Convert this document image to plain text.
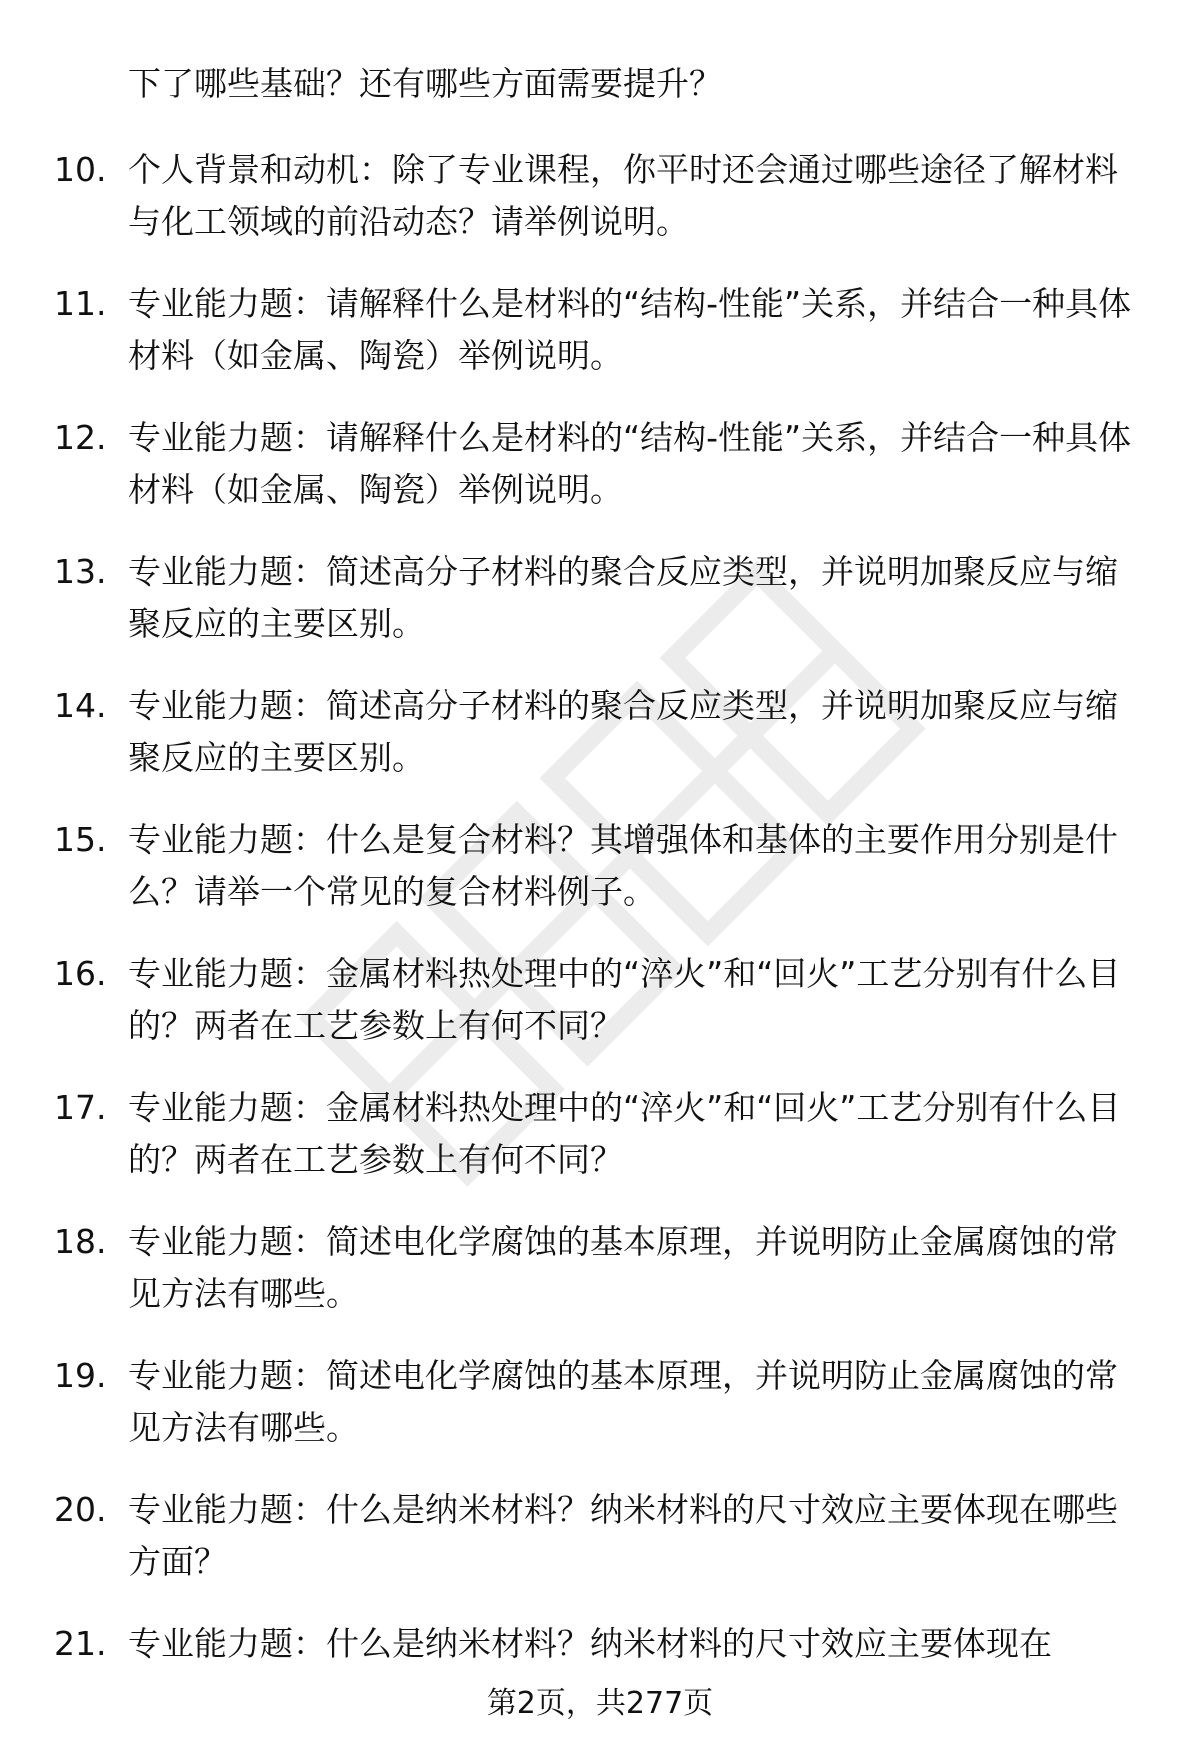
下了哪些基础？还有哪些方面需要提升？
10. 个人背景和动机：除了专业课程，你平时还会通过哪些途径了解材料与化工领域的前沿动态？请举例说明。
11. 专业能力题：请解释什么是材料的“结构-性能”关系，并结合一种具体材料（如金属、陶瓷）举例说明。
12. 专业能力题：请解释什么是材料的“结构-性能”关系，并结合一种具体材料（如金属、陶瓷）举例说明。
13. 专业能力题：简述高分子材料的聚合反应类型，并说明加聚反应与缩聚反应的主要区别。
14. 专业能力题：简述高分子材料的聚合反应类型，并说明加聚反应与缩聚反应的主要区别。
15. 专业能力题：什么是复合材料？其增强体和基体的主要作用分别是什么？请举一个常见的复合材料例子。
16. 专业能力题：金属材料热处理中的“淬火”和“回火”工艺分别有什么目的？两者在工艺参数上有何不同？
17. 专业能力题：金属材料热处理中的“淬火”和“回火”工艺分别有什么目的？两者在工艺参数上有何不同？
18. 专业能力题：简述电化学腐蚀的基本原理，并说明防止金属腐蚀的常见方法有哪些。
19. 专业能力题：简述电化学腐蚀的基本原理，并说明防止金属腐蚀的常见方法有哪些。
20. 专业能力题：什么是纳米材料？纳米材料的尺寸效应主要体现在哪些方面？
21. 专业能力题：什么是纳米材料？纳米材料的尺寸效应主要体现在
第2页，共277页
